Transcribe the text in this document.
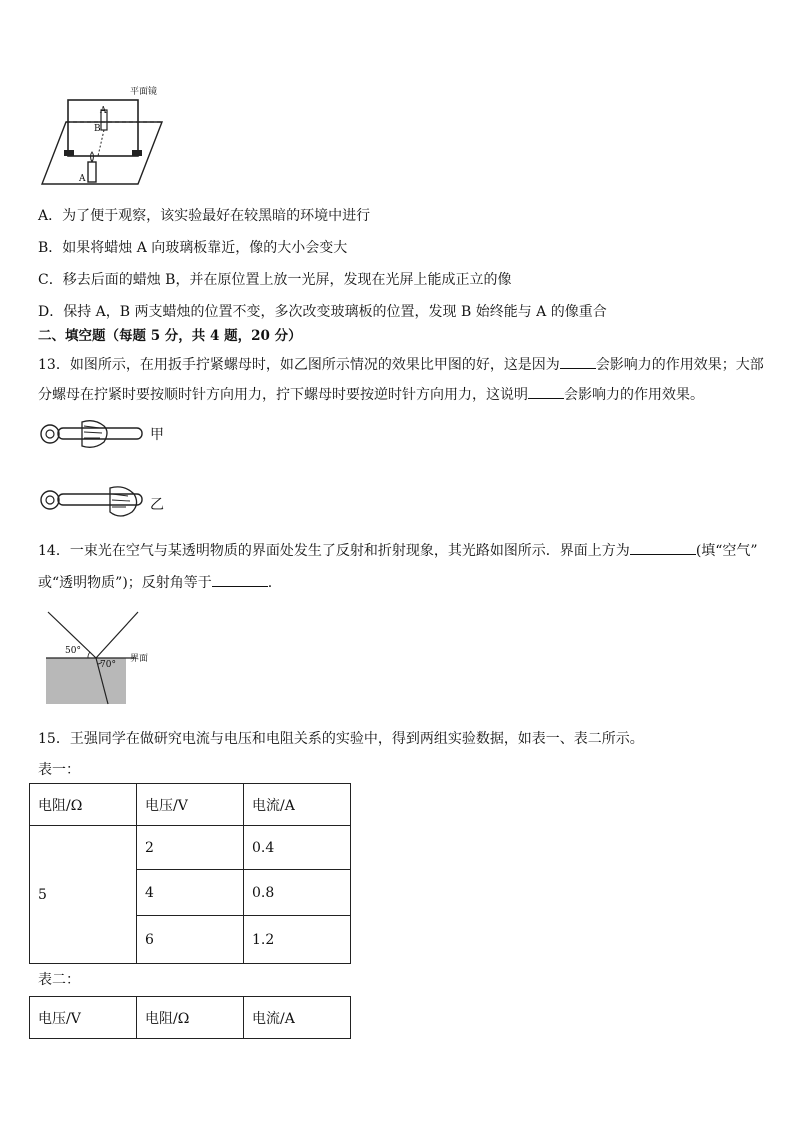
平面镜
A
B
A
A．为了便于观察，该实验最好在较黑暗的环境中进行
B．如果将蜡烛 A 向玻璃板靠近，像的大小会变大
C．移去后面的蜡烛 B，并在原位置上放一光屏，发现在光屏上能成正立的像
D．保持 A，B 两支蜡烛的位置不变，多次改变玻璃板的位置，发现 B 始终能与 A 的像重合
二、填空题（每题 5 分，共 4 题，20 分）
13．如图所示，在用扳手拧紧螺母时，如乙图所示情况的效果比甲图的好，这是因为	会影响力的作用效果；大部
分螺母在拧紧时要按顺时针方向用力，拧下螺母时要按逆时针方向用力，这说明	会影响力的作用效果。
甲
乙
14．一束光在空气与某透明物质的界面处发生了反射和折射现象，其光路如图所示．界面上方为	(填“空气”
或“透明物质”)；反射角等于	.
50°
70°
界面
15．王强同学在做研究电流与电压和电阻关系的实验中，得到两组实验数据，如表一、表二所示。
表一：
电阻/Ω	电压/V	电流/A
5	2	0.4
	4	0.8
	6	1.2
表二：
电压/V	电阻/Ω	电流/A
